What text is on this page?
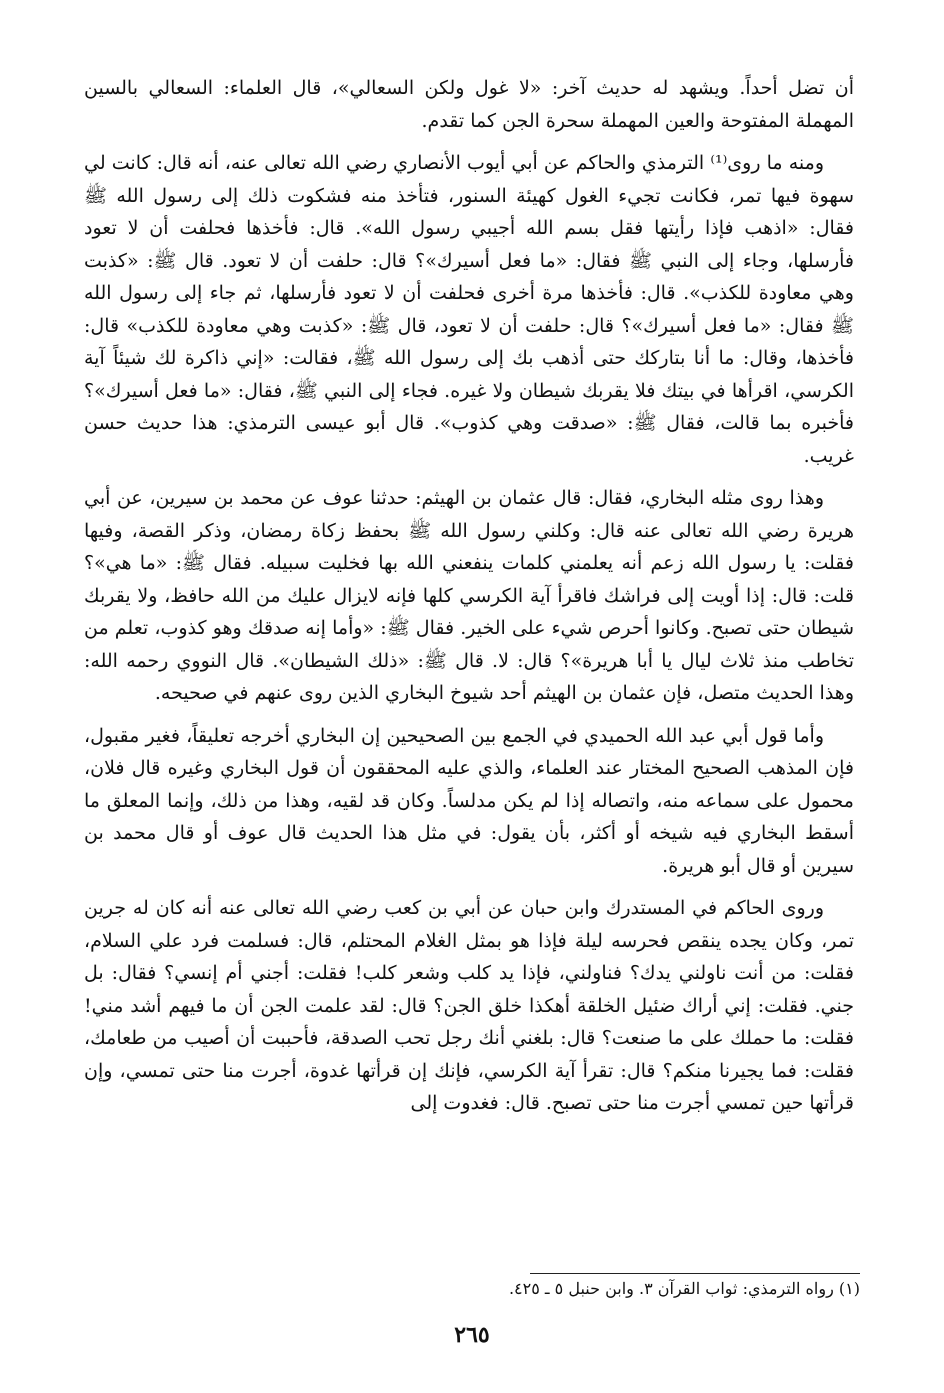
أن تضل أحداً. ويشهد له حديث آخر: «لا غول ولكن السعالي»، قال العلماء: السعالي بالسين المهملة المفتوحة والعين المهملة سحرة الجن كما تقدم.

ومنه ما روى⁽¹⁾ الترمذي والحاكم عن أبي أيوب الأنصاري رضي الله تعالى عنه، أنه قال: كانت لي سهوة فيها تمر، فكانت تجيء الغول كهيئة السنور، فتأخذ منه فشكوت ذلك إلى رسول الله ﷺ فقال: «اذهب فإذا رأيتها فقل بسم الله أجيبي رسول الله». قال: فأخذها فحلفت أن لا تعود فأرسلها، وجاء إلى النبي ﷺ فقال: «ما فعل أسيرك»؟ قال: حلفت أن لا تعود. قال ﷺ: «كذبت وهي معاودة للكذب». قال: فأخذها مرة أخرى فحلفت أن لا تعود فأرسلها، ثم جاء إلى رسول الله ﷺ فقال: «ما فعل أسيرك»؟ قال: حلفت أن لا تعود، قال ﷺ: «كذبت وهي معاودة للكذب» قال: فأخذها، وقال: ما أنا بتاركك حتى أذهب بك إلى رسول الله ﷺ، فقالت: «إني ذاكرة لك شيئاً آية الكرسي، اقرأها في بيتك فلا يقربك شيطان ولا غيره. فجاء إلى النبي ﷺ، فقال: «ما فعل أسيرك»؟ فأخبره بما قالت، فقال ﷺ: «صدقت وهي كذوب». قال أبو عيسى الترمذي: هذا حديث حسن غريب.

وهذا روى مثله البخاري، فقال: قال عثمان بن الهيثم: حدثنا عوف عن محمد بن سيرين، عن أبي هريرة رضي الله تعالى عنه قال: وكلني رسول الله ﷺ بحفظ زكاة رمضان، وذكر القصة، وفيها فقلت: يا رسول الله زعم أنه يعلمني كلمات ينفعني الله بها فخليت سبيله. فقال ﷺ: «ما هي»؟ قلت: قال: إذا أويت إلى فراشك فاقرأ آية الكرسي كلها فإنه لايزال عليك من الله حافظ، ولا يقربك شيطان حتى تصبح. وكانوا أحرص شيء على الخير. فقال ﷺ: «وأما إنه صدقك وهو كذوب، تعلم من تخاطب منذ ثلاث ليال يا أبا هريرة»؟ قال: لا. قال ﷺ: «ذلك الشيطان». قال النووي رحمه الله: وهذا الحديث متصل، فإن عثمان بن الهيثم أحد شيوخ البخاري الذين روى عنهم في صحيحه.

وأما قول أبي عبد الله الحميدي في الجمع بين الصحيحين إن البخاري أخرجه تعليقاً، فغير مقبول، فإن المذهب الصحيح المختار عند العلماء، والذي عليه المحققون أن قول البخاري وغيره قال فلان، محمول على سماعه منه، واتصاله إذا لم يكن مدلساً. وكان قد لقيه، وهذا من ذلك، وإنما المعلق ما أسقط البخاري فيه شيخه أو أكثر، بأن يقول: في مثل هذا الحديث قال عوف أو قال محمد بن سيرين أو قال أبو هريرة.

وروى الحاكم في المستدرك وابن حبان عن أبي بن كعب رضي الله تعالى عنه أنه كان له جرين تمر، وكان يجده ينقص فحرسه ليلة فإذا هو بمثل الغلام المحتلم، قال: فسلمت فرد علي السلام، فقلت: من أنت ناولني يدك؟ فناولني، فإذا يد كلب وشعر كلب! فقلت: أجني أم إنسي؟ فقال: بل جني. فقلت: إني أراك ضئيل الخلقة أهكذا خلق الجن؟ قال: لقد علمت الجن أن ما فيهم أشد مني! فقلت: ما حملك على ما صنعت؟ قال: بلغني أنك رجل تحب الصدقة، فأحببت أن أصيب من طعامك، فقلت: فما يجيرنا منكم؟ قال: تقرأ آية الكرسي، فإنك إن قرأتها غدوة، أجرت منا حتى تمسي، وإن قرأتها حين تمسي أجرت منا حتى تصبح. قال: فغدوت إلى

(١) رواه الترمذي: ثواب القرآن ٣. وابن حنبل ٥ ـ ٤٢٥.
٢٦٥
